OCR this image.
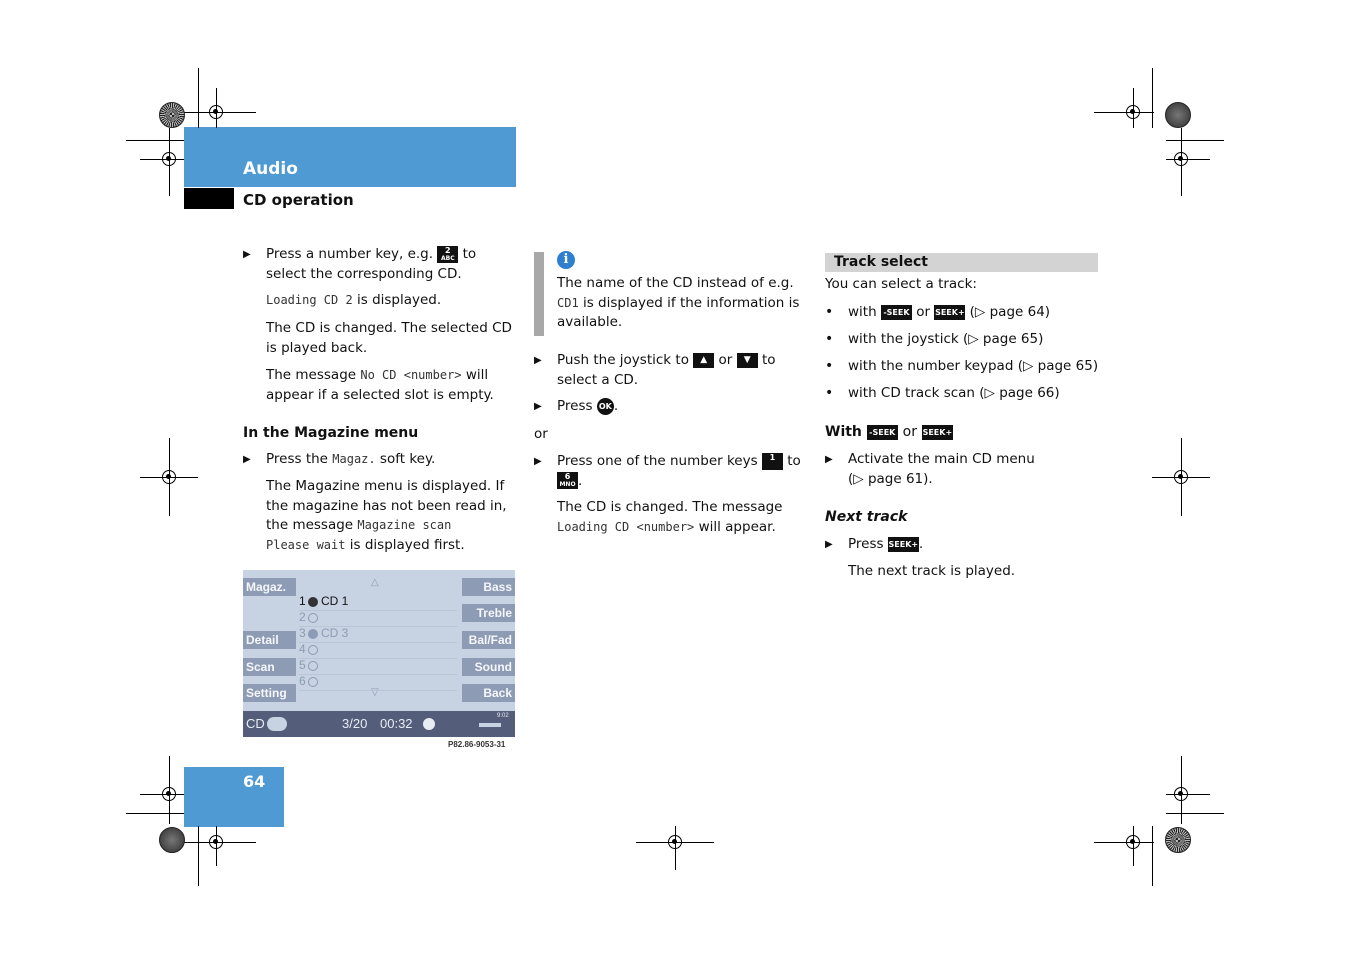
Audio
CD operation
▶ Press a number key, e.g. 2
ABC to select the corresponding CD.
Loading CD 2 is displayed.
The CD is changed. The selected CD is played back.
The message No CD <number> will appear if a selected slot is empty.
In the Magazine menu
▶ Press the Magaz. soft key.
The Magazine menu is displayed. If the magazine has not been read in, the message Magazine scan
Please wait is displayed first.
Magaz.
Detail
Scan
Setting
Bass
Treble
Bal/Fad
Sound
Back
△
▽
1 CD 1
2
3 CD 3
4
5
6
CD	3/20 00:32	9:02
P82.86-9053-31
i
The name of the CD instead of e.g. CD1 is displayed if the information is available.
▶ Push the joystick to ▲ or ▼ to select a CD.
▶ Press OK .
or
▶ Press one of the number keys 1 to 6
MNO .
The CD is changed. The message
Loading CD <number> will appear.
Track select
You can select a track:
• with -SEEK or SEEK+ (▷ page 64)
• with the joystick (▷ page 65)
• with the number keypad (▷ page 65)
• with CD track scan (▷ page 66)
With -SEEK or SEEK+
▶ Activate the main CD menu
(▷ page 61).
Next track
▶ Press SEEK+.
The next track is played.
64
